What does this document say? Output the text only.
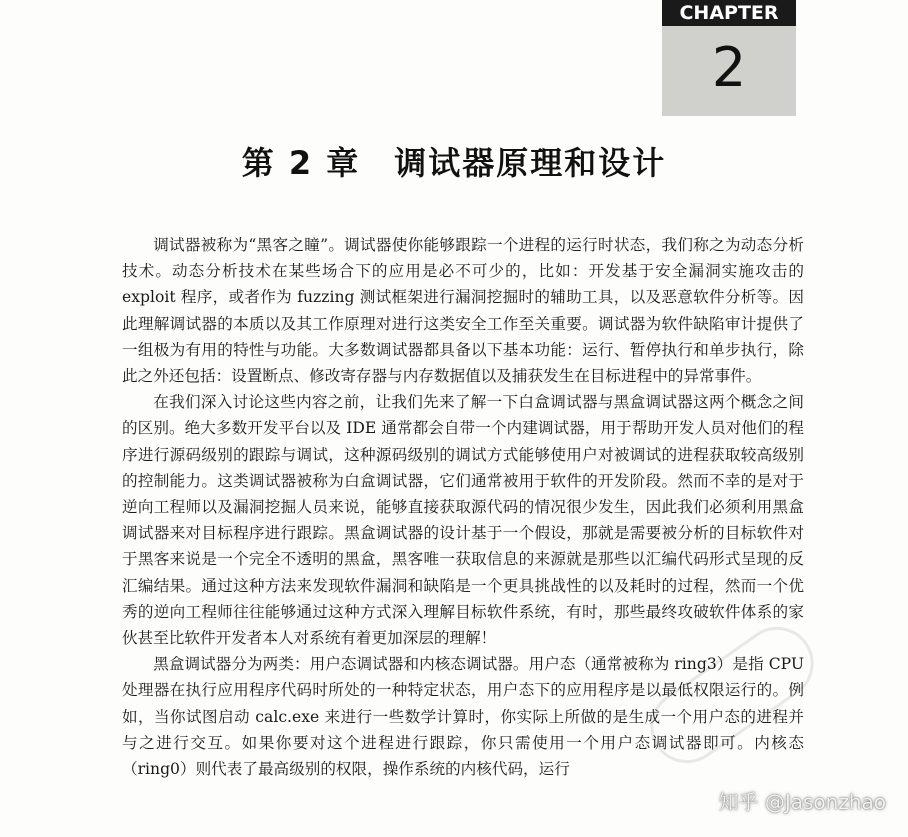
CHAPTER
2
第 2 章　调试器原理和设计

调试器被称为“黑客之瞳”。调试器使你能够跟踪一个进程的运行时状态，我们称之为动态分析技术。动态分析技术在某些场合下的应用是必不可少的，比如：开发基于安全漏洞实施攻击的 exploit 程序，或者作为 fuzzing 测试框架进行漏洞挖掘时的辅助工具，以及恶意软件分析等。因此理解调试器的本质以及其工作原理对进行这类安全工作至关重要。调试器为软件缺陷审计提供了一组极为有用的特性与功能。大多数调试器都具备以下基本功能：运行、暂停执行和单步执行，除此之外还包括：设置断点、修改寄存器与内存数据值以及捕获发生在目标进程中的异常事件。

在我们深入讨论这些内容之前，让我们先来了解一下白盒调试器与黑盒调试器这两个概念之间的区别。绝大多数开发平台以及 IDE 通常都会自带一个内建调试器，用于帮助开发人员对他们的程序进行源码级别的跟踪与调试，这种源码级别的调试方式能够使用户对被调试的进程获取较高级别的控制能力。这类调试器被称为白盒调试器，它们通常被用于软件的开发阶段。然而不幸的是对于逆向工程师以及漏洞挖掘人员来说，能够直接获取源代码的情况很少发生，因此我们必须利用黑盒调试器来对目标程序进行跟踪。黑盒调试器的设计基于一个假设，那就是需要被分析的目标软件对于黑客来说是一个完全不透明的黑盒，黑客唯一获取信息的来源就是那些以汇编代码形式呈现的反汇编结果。通过这种方法来发现软件漏洞和缺陷是一个更具挑战性的以及耗时的过程，然而一个优秀的逆向工程师往往能够通过这种方式深入理解目标软件系统，有时，那些最终攻破软件体系的家伙甚至比软件开发者本人对系统有着更加深层的理解！

黑盒调试器分为两类：用户态调试器和内核态调试器。用户态（通常被称为 ring3）是指 CPU 处理器在执行应用程序代码时所处的一种特定状态，用户态下的应用程序是以最低权限运行的。例如，当你试图启动 calc.exe 来进行一些数学计算时，你实际上所做的是生成一个用户态的进程并与之进行交互。如果你要对这个进程进行跟踪，你只需使用一个用户态调试器即可。内核态（ring0）则代表了最高级别的权限，操作系统的内核代码，运行

知乎 @Jasonzhao
